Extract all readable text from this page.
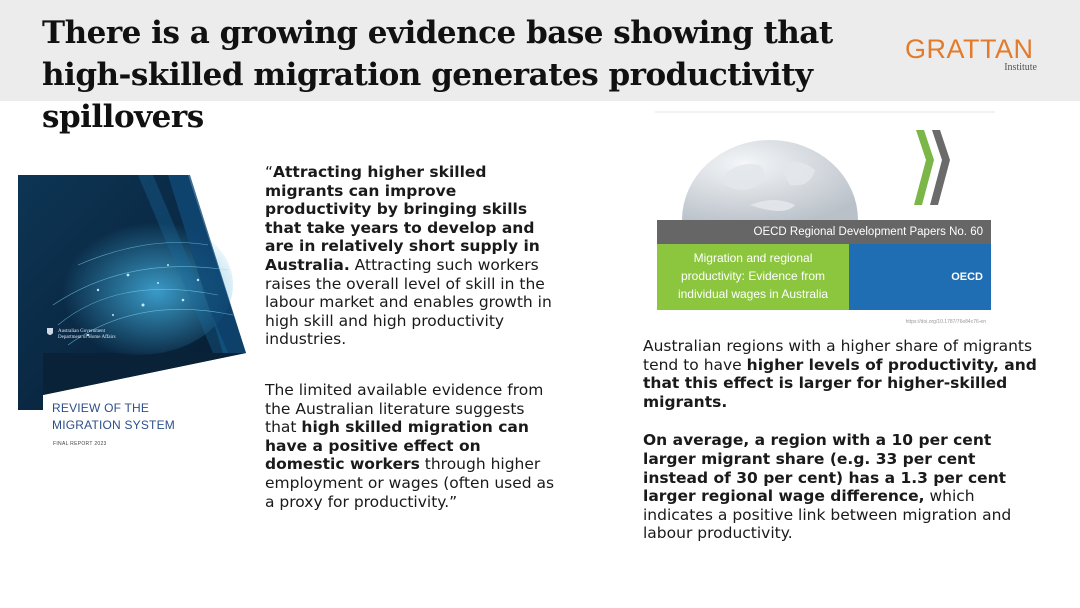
There is a growing evidence base showing that high-skilled migration generates productivity spillovers
GRATTAN
Institute
Australian Government
Department of Home Affairs
REVIEW OF THE
MIGRATION SYSTEM
FINAL REPORT 2023

“Attracting higher skilled migrants can improve productivity by bringing skills that take years to develop and are in relatively short supply in Australia. Attracting such workers raises the overall level of skill in the labour market and enables growth in high skill and high productivity industries.

The limited available evidence from the Australian literature suggests that high skilled migration can have a positive effect on domestic workers through higher employment or wages (often used as a proxy for productivity.”

OECD Regional Development Papers No. 60
Migration and regional
productivity: Evidence from
individual wages in Australia
OECD
https://doi.org/10.1787/76e84c76-en

Australian regions with a higher share of migrants tend to have higher levels of productivity, and that this effect is larger for higher-skilled migrants.

On average, a region with a 10 per cent larger migrant share (e.g. 33 per cent instead of 30 per cent) has a 1.3 per cent larger regional wage difference, which indicates a positive link between migration and labour productivity.
